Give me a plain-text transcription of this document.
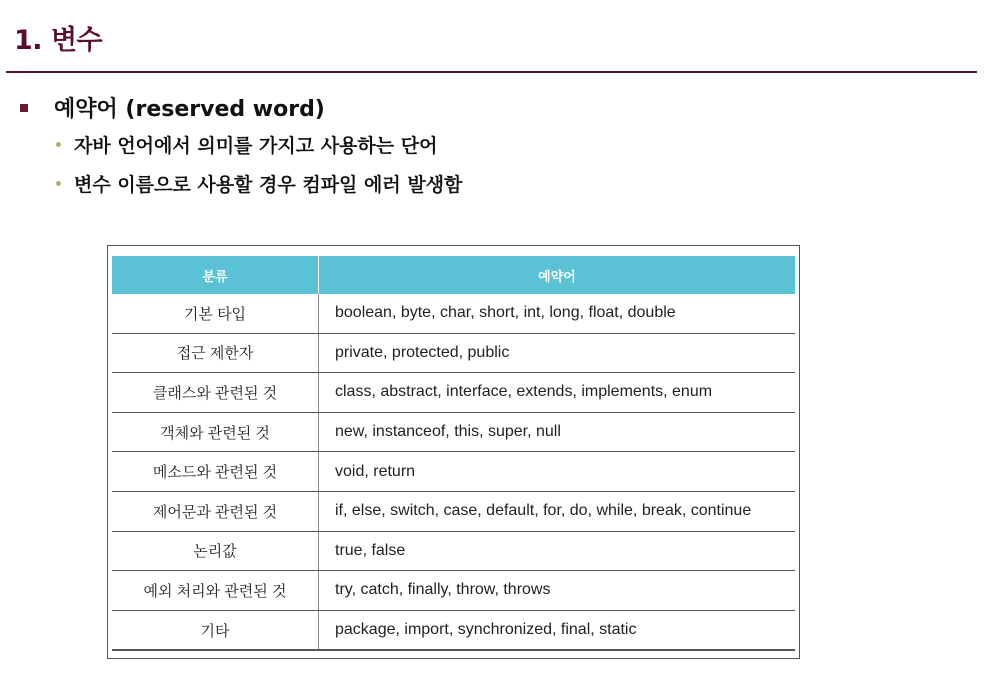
1. 변수
예약어 (reserved word)
자바 언어에서 의미를 가지고 사용하는 단어
변수 이름으로 사용할 경우 컴파일 에러 발생함
분류	예약어
기본 타입	boolean, byte, char, short, int, long, float, double
접근 제한자	private, protected, public
클래스와 관련된 것	class, abstract, interface, extends, implements, enum
객체와 관련된 것	new, instanceof, this, super, null
메소드와 관련된 것	void, return
제어문과 관련된 것	if, else, switch, case, default, for, do, while, break, continue
논리값	true, false
예외 처리와 관련된 것	try, catch, finally, throw, throws
기타	package, import, synchronized, final, static
